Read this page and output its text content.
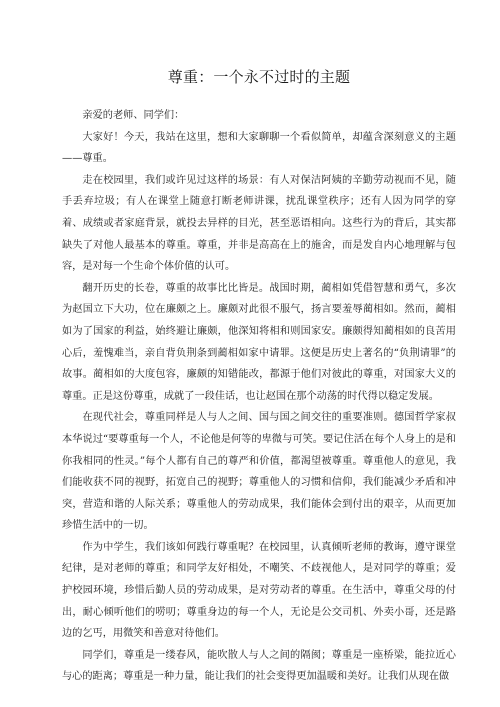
尊重：一个永不过时的主题

亲爱的老师、同学们：

大家好！今天，我站在这里，想和大家聊聊一个看似简单，却蕴含深刻意义的主题——尊重。

走在校园里，我们或许见过这样的场景：有人对保洁阿姨的辛勤劳动视而不见，随手丢弃垃圾；有人在课堂上随意打断老师讲课，扰乱课堂秩序；还有人因为同学的穿着、成绩或者家庭背景，就投去异样的目光，甚至恶语相向。这些行为的背后，其实都缺失了对他人最基本的尊重。尊重，并非是高高在上的施舍，而是发自内心地理解与包容，是对每一个生命个体价值的认可。

翻开历史的长卷，尊重的故事比比皆是。战国时期，蔺相如凭借智慧和勇气，多次为赵国立下大功，位在廉颇之上。廉颇对此很不服气，扬言要羞辱蔺相如。然而，蔺相如为了国家的利益，始终避让廉颇，他深知将相和则国家安。廉颇得知蔺相如的良苦用心后，羞愧难当，亲自背负荆条到蔺相如家中请罪。这便是历史上著名的“负荆请罪”的故事。蔺相如的大度包容，廉颇的知错能改，都源于他们对彼此的尊重，对国家大义的尊重。正是这份尊重，成就了一段佳话，也让赵国在那个动荡的时代得以稳定发展。

在现代社会，尊重同样是人与人之间、国与国之间交往的重要准则。德国哲学家叔本华说过“要尊重每一个人，不论他是何等的卑微与可笑。要记住活在每个人身上的是和你我相同的性灵。”每个人都有自己的尊严和价值，都渴望被尊重。尊重他人的意见，我们能收获不同的视野，拓宽自己的视野；尊重他人的习惯和信仰，我们能减少矛盾和冲突，营造和谐的人际关系；尊重他人的劳动成果，我们能体会到付出的艰辛，从而更加珍惜生活中的一切。

作为中学生，我们该如何践行尊重呢？在校园里，认真倾听老师的教诲，遵守课堂纪律，是对老师的尊重；和同学友好相处，不嘲笑、不歧视他人，是对同学的尊重；爱护校园环境，珍惜后勤人员的劳动成果，是对劳动者的尊重。在生活中，尊重父母的付出，耐心倾听他们的唠叨；尊重身边的每一个人，无论是公交司机、外卖小哥，还是路边的乞丐，用微笑和善意对待他们。

同学们，尊重是一缕春风，能吹散人与人之间的隔阂；尊重是一座桥梁，能拉近心与心的距离；尊重是一种力量，能让我们的社会变得更加温暖和美好。让我们从现在做
